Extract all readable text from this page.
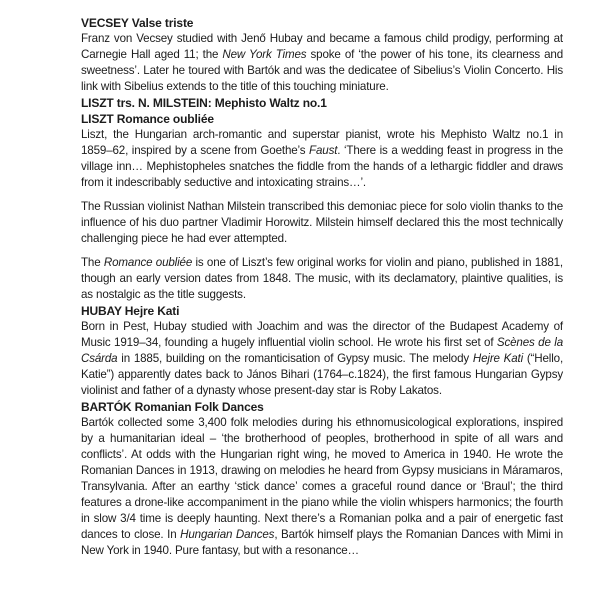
VECSEY Valse triste

Franz von Vecsey studied with Jenő Hubay and became a famous child prodigy, performing at Carnegie Hall aged 11; the New York Times spoke of ‘the power of his tone, its clearness and sweetness’. Later he toured with Bartók and was the dedicatee of Sibelius’s Violin Concerto. His link with Sibelius extends to the title of this touching miniature.

LISZT trs. N. MILSTEIN: Mephisto Waltz no.1
LISZT Romance oubliée

Liszt, the Hungarian arch-romantic and superstar pianist, wrote his Mephisto Waltz no.1 in 1859–62, inspired by a scene from Goethe’s Faust. ‘There is a wedding feast in progress in the village inn… Mephistopheles snatches the fiddle from the hands of a lethargic fiddler and draws from it indescribably seductive and intoxicating strains…’.

The Russian violinist Nathan Milstein transcribed this demoniac piece for solo violin thanks to the influence of his duo partner Vladimir Horowitz. Milstein himself declared this the most technically challenging piece he had ever attempted.

The Romance oubliée is one of Liszt’s few original works for violin and piano, published in 1881, though an early version dates from 1848. The music, with its declamatory, plaintive qualities, is as nostalgic as the title suggests.

HUBAY Hejre Kati

Born in Pest, Hubay studied with Joachim and was the director of the Budapest Academy of Music 1919–34, founding a hugely influential violin school. He wrote his first set of Scènes de la Csárda in 1885, building on the romanticisation of Gypsy music. The melody Hejre Kati (“Hello, Katie”) apparently dates back to János Bihari (1764–c.1824), the first famous Hungarian Gypsy violinist and father of a dynasty whose present-day star is Roby Lakatos.

BARTÓK Romanian Folk Dances

Bartók collected some 3,400 folk melodies during his ethnomusicological explorations, inspired by a humanitarian ideal – ‘the brotherhood of peoples, brotherhood in spite of all wars and conflicts’. At odds with the Hungarian right wing, he moved to America in 1940. He wrote the Romanian Dances in 1913, drawing on melodies he heard from Gypsy musicians in Máramaros, Transylvania. After an earthy ‘stick dance’ comes a graceful round dance or ‘Braul’; the third features a drone-like accompaniment in the piano while the violin whispers harmonics; the fourth in slow 3/4 time is deeply haunting. Next there’s a Romanian polka and a pair of energetic fast dances to close. In Hungarian Dances, Bartók himself plays the Romanian Dances with Mimi in New York in 1940. Pure fantasy, but with a resonance…
